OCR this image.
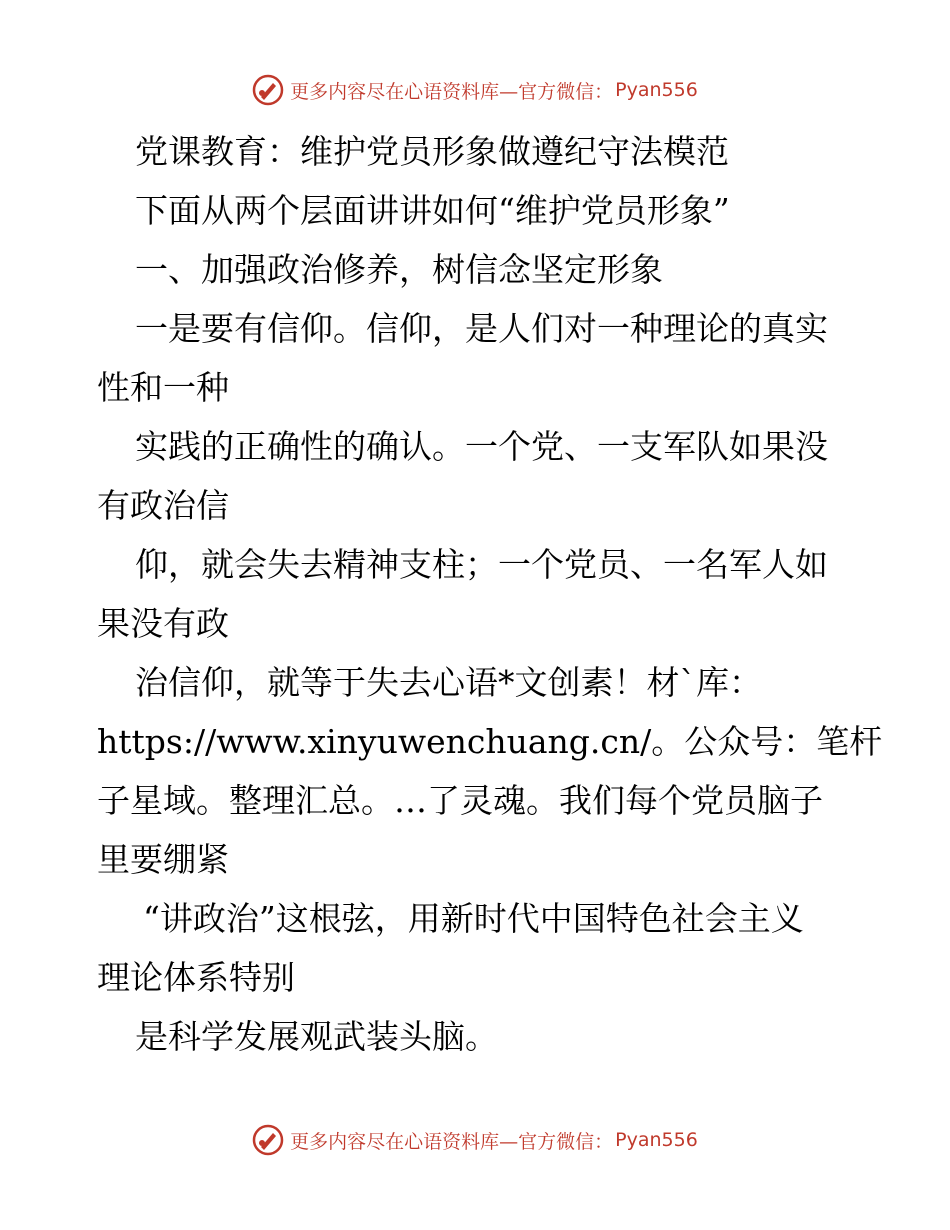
更多内容尽在心语资料库—官方微信： Pyan556
党课教育：维护党员形象做遵纪守法模范
下面从两个层面讲讲如何“维护党员形象”
一、加强政治修养，树信念坚定形象
一是要有信仰。信仰，是人们对一种理论的真实
性和一种
实践的正确性的确认。一个党、一支军队如果没
有政治信
仰，就会失去精神支柱；一个党员、一名军人如
果没有政
治信仰，就等于失去心语*文创素！材`库：
https://www.xinyuwenchuang.cn/。公众号：笔杆
子星域。整理汇总。…了灵魂。我们每个党员脑子
里要绷紧
“讲政治”这根弦，用新时代中国特色社会主义
理论体系特别
是科学发展观武装头脑。
更多内容尽在心语资料库—官方微信： Pyan556
